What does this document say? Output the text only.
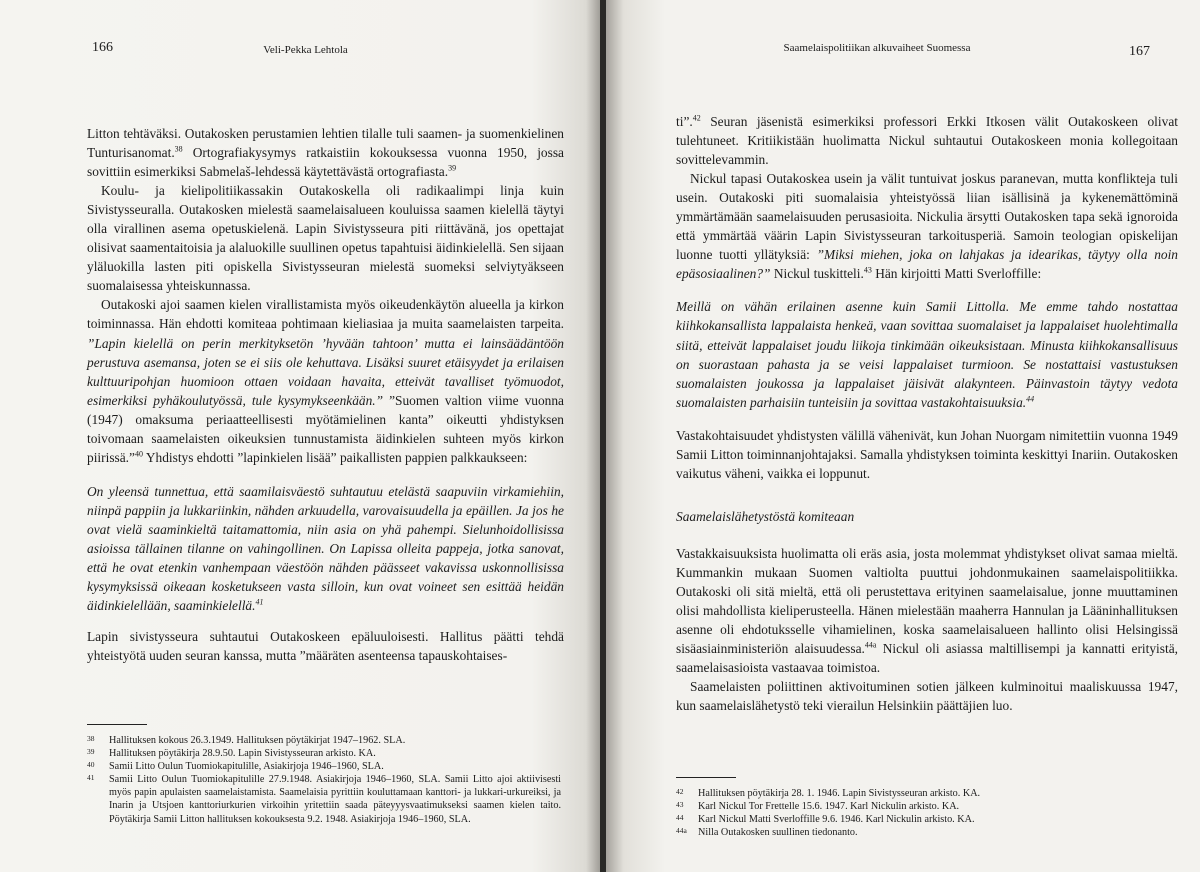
166	Veli-Pekka Lehtola

Litton tehtäväksi. Outakosken perustamien lehtien tilalle tuli saamen- ja suomenkielinen Tunturisanomat.$^{38}$ Ortografiakysymys ratkaistiin kokouksessa vuonna 1950, jossa sovittiin esimerkiksi Sabmelaš-lehdessä käytettävästä ortografiasta.$^{39}$

Koulu- ja kielipolitiikassakin Outakoskella oli radikaalimpi linja kuin Sivistysseuralla. Outakosken mielestä saamelaisalueen kouluissa saamen kielellä täytyi olla virallinen asema opetuskielenä. Lapin Sivistysseura piti riittävänä, jos opettajat olisivat saamentaitoisia ja alaluokille suullinen opetus tapahtuisi äidinkielellä. Sen sijaan yläluokilla lasten piti opiskella Sivistysseuran mielestä suomeksi selviytyäkseen suomalaisessa yhteiskunnassa.

Outakoski ajoi saamen kielen virallistamista myös oikeudenkäytön alueella ja kirkon toiminnassa. Hän ehdotti komiteaa pohtimaan kieliasiaa ja muita saamelaisten tarpeita. ”Lapin kielellä on perin merkityksetön ’hyvään tahtoon’ mutta ei lainsäädäntöön perustuva asemansa, joten se ei siis ole kehuttava. Lisäksi suuret etäisyydet ja erilaisen kulttuuripohjan huomioon ottaen voidaan havaita, etteivät tavalliset työmuodot, esimerkiksi pyhäkoulutyössä, tule kysymykseenkään.” ”Suomen valtion viime vuonna (1947) omaksuma periaatteellisesti myötämielinen kanta” oikeutti yhdistyksen toivomaan saamelaisten oikeuksien tunnustamista äidinkielen suhteen myös kirkon piirissä.”$^{40}$ Yhdistys ehdotti ”lapinkielen lisää” paikallisten pappien palkkaukseen:

On yleensä tunnettua, että saamilaisväestö suhtautuu etelästä saapuviin virkamiehiin, niinpä pappiin ja lukkariinkin, nähden arkuudella, varovaisuudella ja epäillen. Ja jos he ovat vielä saaminkieltä taitamattomia, niin asia on yhä pahempi. Sielunhoidollisissa asioissa tällainen tilanne on vahingollinen. On Lapissa olleita pappeja, jotka sanovat, että he ovat etenkin vanhempaan väestöön nähden päässeet vakavissa uskonnollisissa kysymyksissä oikeaan kosketukseen vasta silloin, kun ovat voineet sen esittää heidän äidinkielellään, saaminkielellä.$^{41}$

Lapin sivistysseura suhtautui Outakoskeen epäluuloisesti. Hallitus päätti tehdä yhteistyötä uuden seuran kanssa, mutta ”määräten asenteensa tapauskohtaises-

38 Hallituksen kokous 26.3.1949. Hallituksen pöytäkirjat 1947–1962. SLA.
39 Hallituksen pöytäkirja 28.9.50. Lapin Sivistysseuran arkisto. KA.
40 Samii Litto Oulun Tuomiokapitulille, Asiakirjoja 1946–1960, SLA.
41 Samii Litto Oulun Tuomiokapitulille 27.9.1948. Asiakirjoja 1946–1960, SLA. Samii Litto ajoi aktiivisesti myös papin apulaisten saamelaistamista. Saamelaisia pyrittiin kouluttamaan kanttori- ja lukkari-urkureiksi, ja Inarin ja Utsjoen kanttoriurkurien virkoihin yritettiin saada päteyyysvaatimukseksi saamen kielen taito. Pöytäkirja Samii Litton hallituksen kokouksesta 9.2. 1948. Asiakirjoja 1946–1960, SLA.
Saamelaispolitiikan alkuvaiheet Suomessa	167

ti”.$^{42}$ Seuran jäsenistä esimerkiksi professori Erkki Itkosen välit Outakoskeen olivat tulehtuneet. Kritiikistään huolimatta Nickul suhtautui Outakoskeen monia kollegoitaan sovittelevammin.

Nickul tapasi Outakoskea usein ja välit tuntuivat joskus paranevan, mutta konflikteja tuli usein. Outakoski piti suomalaisia yhteistyössä liian isällisinä ja kykenemättöminä ymmärtämään saamelaisuuden perusasioita. Nickulia ärsytti Outakosken tapa sekä ignoroida että ymmärtää väärin Lapin Sivistysseuran tarkoitusperiä. Samoin teologian opiskelijan luonne tuotti yllätyksiä: ”Miksi miehen, joka on lahjakas ja idearikas, täytyy olla noin epäsosiaalinen?” Nickul tuskitteli.$^{43}$ Hän kirjoitti Matti Sverloffille:

Meillä on vähän erilainen asenne kuin Samii Littolla. Me emme tahdo nostattaa kiihkokansallista lappalaista henkeä, vaan sovittaa suomalaiset ja lappalaiset huolehtimalla siitä, etteivät lappalaiset joudu liikoja tinkimään oikeuksistaan. Minusta kiihkokansallisuus on suorastaan pahasta ja se veisi lappalaiset turmioon. Se nostattaisi vastustuksen suomalaisten joukossa ja lappalaiset jäisivät alakynteen. Päinvastoin täytyy vedota suomalaisten parhaisiin tunteisiin ja sovittaa vastakohtaisuuksia.$^{44}$

Vastakohtaisuudet yhdistysten välillä vähenivät, kun Johan Nuorgam nimitettiin vuonna 1949 Samii Litton toiminnanjohtajaksi. Samalla yhdistyksen toiminta keskittyi Inariin. Outakosken vaikutus väheni, vaikka ei loppunut.

Saamelaislähetystöstä komiteaan

Vastakkaisuuksista huolimatta oli eräs asia, josta molemmat yhdistykset olivat samaa mieltä. Kummankin mukaan Suomen valtiolta puuttui johdonmukainen saamelaispolitiikka. Outakoski oli sitä mieltä, että oli perustettava erityinen saamelaisalue, jonne muuttaminen olisi mahdollista kieliperusteella. Hänen mielestään maaherra Hannulan ja Lääninhallituksen asenne oli ehdotuksselle vihamielinen, koska saamelaisalueen hallinto olisi Helsingissä sisäasiainministeriön alaisuudessa.$^{44a}$ Nickul oli asiassa maltillisempi ja kannatti erityistä, saamelaisasioista vastaavaa toimistoa.

Saamelaisten poliittinen aktivoituminen sotien jälkeen kulminoitui maaliskuussa 1947, kun saamelaislähetystö teki vierailun Helsinkiin päättäjien luo.

42 Hallituksen pöytäkirja 28. 1. 1946. Lapin Sivistysseuran arkisto. KA.
43 Karl Nickul Tor Frettelle 15.6. 1947. Karl Nickulin arkisto. KA.
44 Karl Nickul Matti Sverloffille 9.6. 1946. Karl Nickulin arkisto. KA.
44a Nilla Outakosken suullinen tiedonanto.
